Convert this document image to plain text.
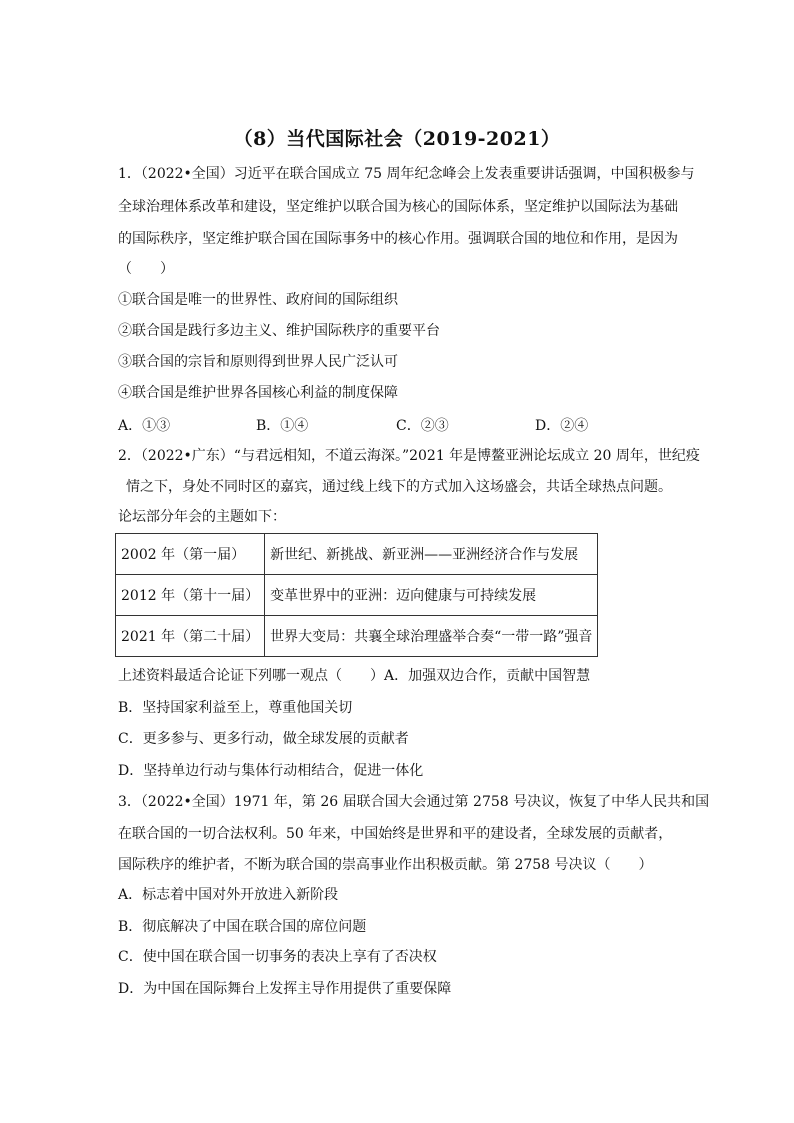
（8）当代国际社会（2019-2021）
1．（2022•全国）习近平在联合国成立 75 周年纪念峰会上发表重要讲话强调，中国积极参与
全球治理体系改革和建设，坚定维护以联合国为核心的国际体系，坚定维护以国际法为基础
的国际秩序，坚定维护联合国在国际事务中的核心作用。强调联合国的地位和作用，是因为
（　　）
①联合国是唯一的世界性、政府间的国际组织
②联合国是践行多边主义、维护国际秩序的重要平台
③联合国的宗旨和原则得到世界人民广泛认可
④联合国是维护世界各国核心利益的制度保障
A．①③	B．①④	C．②③	D．②④
2．（2022•广东）“与君远相知，不道云海深。”2021 年是博鳌亚洲论坛成立 20 周年，世纪疫
情之下，身处不同时区的嘉宾，通过线上线下的方式加入这场盛会，共话全球热点问题。
论坛部分年会的主题如下：
2002 年（第一届）	新世纪、新挑战、新亚洲——亚洲经济合作与发展
2012 年（第十一届）	变革世界中的亚洲：迈向健康与可持续发展
2021 年（第二十届）	世界大变局：共襄全球治理盛举合奏“一带一路”强音
上述资料最适合论证下列哪一观点（　　）A．加强双边合作，贡献中国智慧
B．坚持国家利益至上，尊重他国关切
C．更多参与、更多行动，做全球发展的贡献者
D．坚持单边行动与集体行动相结合，促进一体化
3．（2022•全国）1971 年，第 26 届联合国大会通过第 2758 号决议，恢复了中华人民共和国
在联合国的一切合法权利。50 年来，中国始终是世界和平的建设者，全球发展的贡献者，
国际秩序的维护者，不断为联合国的崇高事业作出积极贡献。第 2758 号决议（　　）
A．标志着中国对外开放进入新阶段
B．彻底解决了中国在联合国的席位问题
C．使中国在联合国一切事务的表决上享有了否决权
D．为中国在国际舞台上发挥主导作用提供了重要保障
